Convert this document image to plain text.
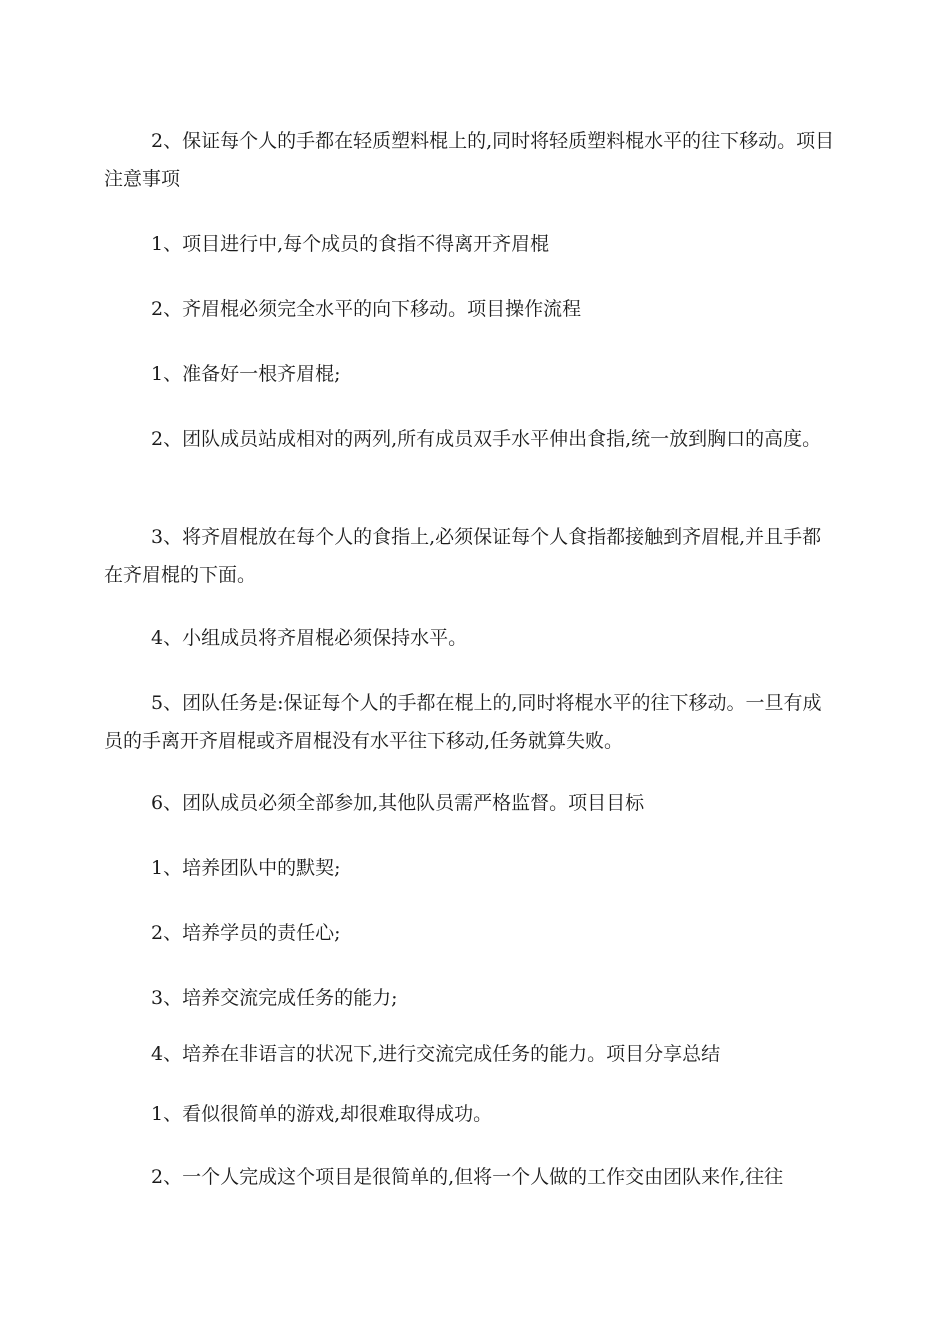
2、保证每个人的手都在轻质塑料棍上的,同时将轻质塑料棍水平的往下移动。项目注意事项

1、项目进行中,每个成员的食指不得离开齐眉棍

2、齐眉棍必须完全水平的向下移动。项目操作流程

1、准备好一根齐眉棍;

2、团队成员站成相对的两列,所有成员双手水平伸出食指,统一放到胸口的高度。

3、将齐眉棍放在每个人的食指上,必须保证每个人食指都接触到齐眉棍,并且手都在齐眉棍的下面。

4、小组成员将齐眉棍必须保持水平。

5、团队任务是:保证每个人的手都在棍上的,同时将棍水平的往下移动。一旦有成员的手离开齐眉棍或齐眉棍没有水平往下移动,任务就算失败。

6、团队成员必须全部参加,其他队员需严格监督。项目目标

1、培养团队中的默契;

2、培养学员的责任心;

3、培养交流完成任务的能力;

4、培养在非语言的状况下,进行交流完成任务的能力。项目分享总结

1、看似很简单的游戏,却很难取得成功。

2、一个人完成这个项目是很简单的,但将一个人做的工作交由团队来作,往往
